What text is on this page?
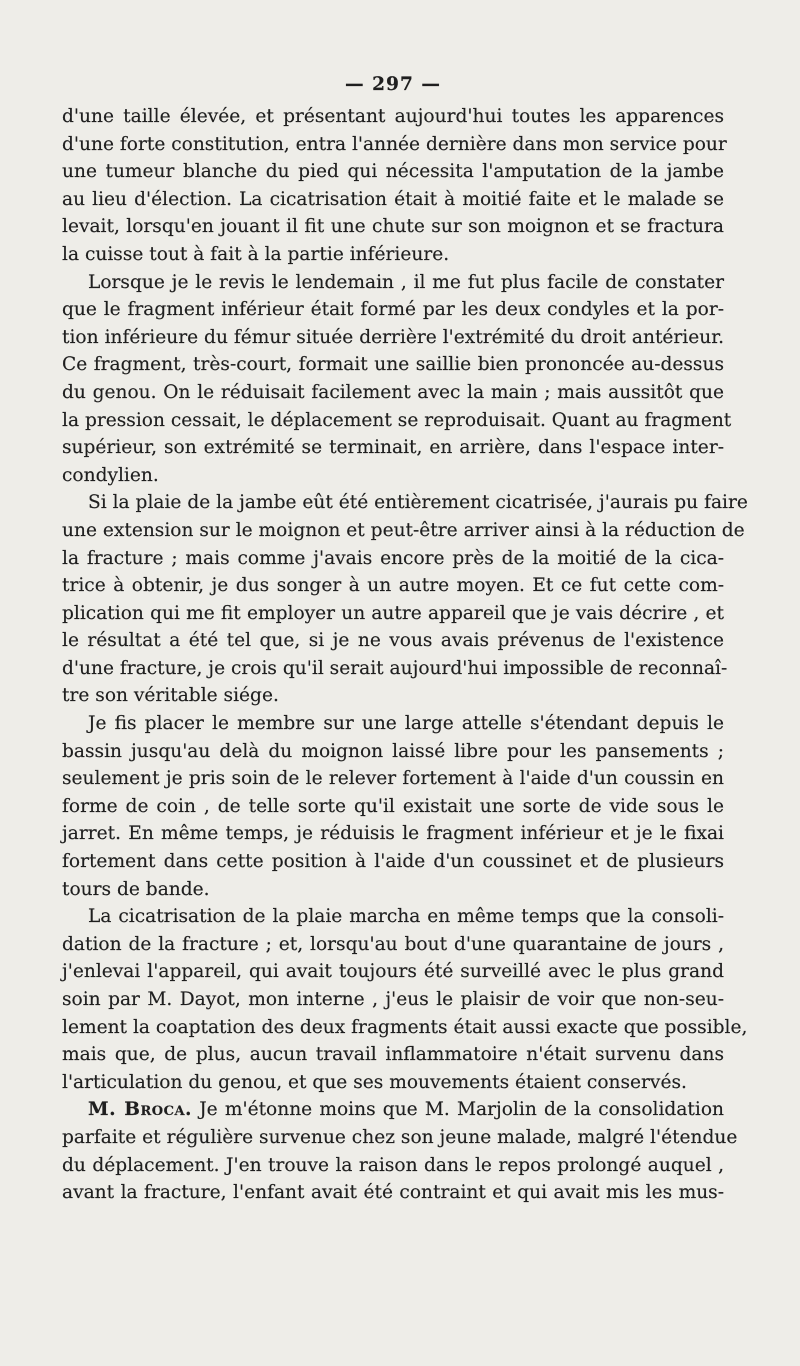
— 297 —
d'une taille élevée, et présentant aujourd'hui toutes les apparences
d'une forte constitution, entra l'année dernière dans mon service pour
une tumeur blanche du pied qui nécessita l'amputation de la jambe
au lieu d'élection. La cicatrisation était à moitié faite et le malade se
levait, lorsqu'en jouant il fit une chute sur son moignon et se fractura
la cuisse tout à fait à la partie inférieure.
Lorsque je le revis le lendemain , il me fut plus facile de constater
que le fragment inférieur était formé par les deux condyles et la por-
tion inférieure du fémur située derrière l'extrémité du droit antérieur.
Ce fragment, très-court, formait une saillie bien prononcée au-dessus
du genou. On le réduisait facilement avec la main ; mais aussitôt que
la pression cessait, le déplacement se reproduisait. Quant au fragment
supérieur, son extrémité se terminait, en arrière, dans l'espace inter-
condylien.
Si la plaie de la jambe eût été entièrement cicatrisée, j'aurais pu faire
une extension sur le moignon et peut-être arriver ainsi à la réduction de
la fracture ; mais comme j'avais encore près de la moitié de la cica-
trice à obtenir, je dus songer à un autre moyen. Et ce fut cette com-
plication qui me fit employer un autre appareil que je vais décrire , et
le résultat a été tel que, si je ne vous avais prévenus de l'existence
d'une fracture, je crois qu'il serait aujourd'hui impossible de reconnaî-
tre son véritable siége.
Je fis placer le membre sur une large attelle s'étendant depuis le
bassin jusqu'au delà du moignon laissé libre pour les pansements ;
seulement je pris soin de le relever fortement à l'aide d'un coussin en
forme de coin , de telle sorte qu'il existait une sorte de vide sous le
jarret. En même temps, je réduisis le fragment inférieur et je le fixai
fortement dans cette position à l'aide d'un coussinet et de plusieurs
tours de bande.
La cicatrisation de la plaie marcha en même temps que la consoli-
dation de la fracture ; et, lorsqu'au bout d'une quarantaine de jours ,
j'enlevai l'appareil, qui avait toujours été surveillé avec le plus grand
soin par M. Dayot, mon interne , j'eus le plaisir de voir que non-seu-
lement la coaptation des deux fragments était aussi exacte que possible,
mais que, de plus, aucun travail inflammatoire n'était survenu dans
l'articulation du genou, et que ses mouvements étaient conservés.
M. Broca. Je m'étonne moins que M. Marjolin de la consolidation
parfaite et régulière survenue chez son jeune malade, malgré l'étendue
du déplacement. J'en trouve la raison dans le repos prolongé auquel ,
avant la fracture, l'enfant avait été contraint et qui avait mis les mus-
